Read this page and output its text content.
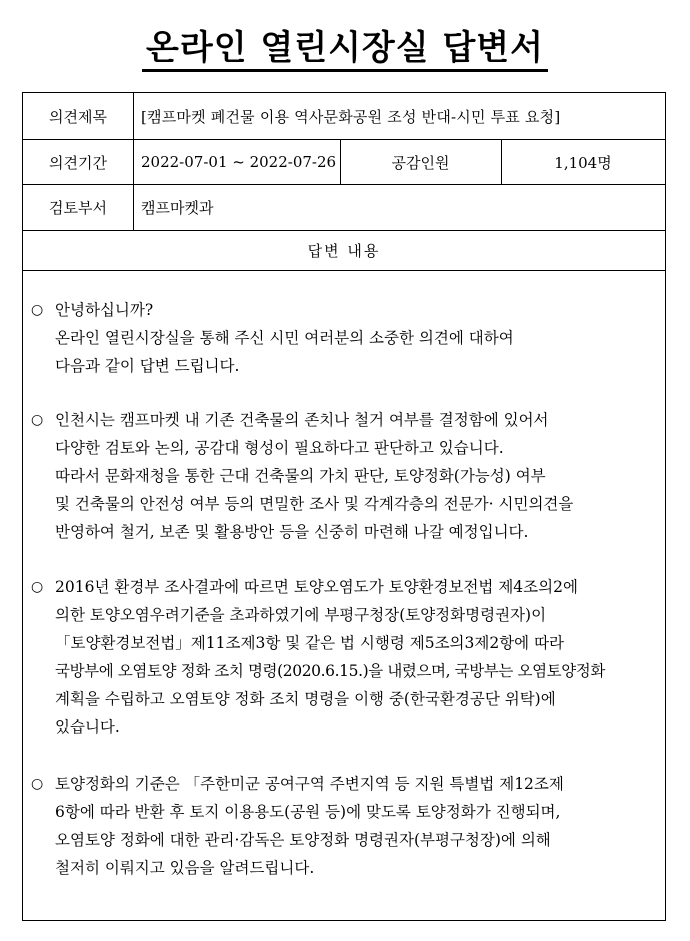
온라인 열린시장실 답변서
의견제목	[캠프마켓 폐건물 이용 역사문화공원 조성 반대-시민 투표 요청]
의견기간	2022-07-01 ~ 2022-07-26	공감인원	1,104명
검토부서	캠프마켓과
답변 내용
○ 안녕하십니까?
온라인 열린시장실을 통해 주신 시민 여러분의 소중한 의견에 대하여
다음과 같이 답변 드립니다.
○ 인천시는 캠프마켓 내 기존 건축물의 존치나 철거 여부를 결정함에 있어서
다양한 검토와 논의, 공감대 형성이 필요하다고 판단하고 있습니다.
따라서 문화재청을 통한 근대 건축물의 가치 판단, 토양정화(가능성) 여부
및 건축물의 안전성 여부 등의 면밀한 조사 및 각계각층의 전문가· 시민의견을
반영하여 철거, 보존 및 활용방안 등을 신중히 마련해 나갈 예정입니다.
○ 2016년 환경부 조사결과에 따르면 토양오염도가 토양환경보전법 제4조의2에
의한 토양오염우려기준을 초과하였기에 부평구청장(토양정화명령권자)이
「토양환경보전법」제11조제3항 및 같은 법 시행령 제5조의3제2항에 따라
국방부에 오염토양 정화 조치 명령(2020.6.15.)을 내렸으며, 국방부는 오염토양정화
계획을 수립하고 오염토양 정화 조치 명령을 이행 중(한국환경공단 위탁)에
있습니다.
○ 토양정화의 기준은 「주한미군 공여구역 주변지역 등 지원 특별법 제12조제
6항에 따라 반환 후 토지 이용용도(공원 등)에 맞도록 토양정화가 진행되며,
오염토양 정화에 대한 관리·감독은 토양정화 명령권자(부평구청장)에 의해
철저히 이뤄지고 있음을 알려드립니다.
